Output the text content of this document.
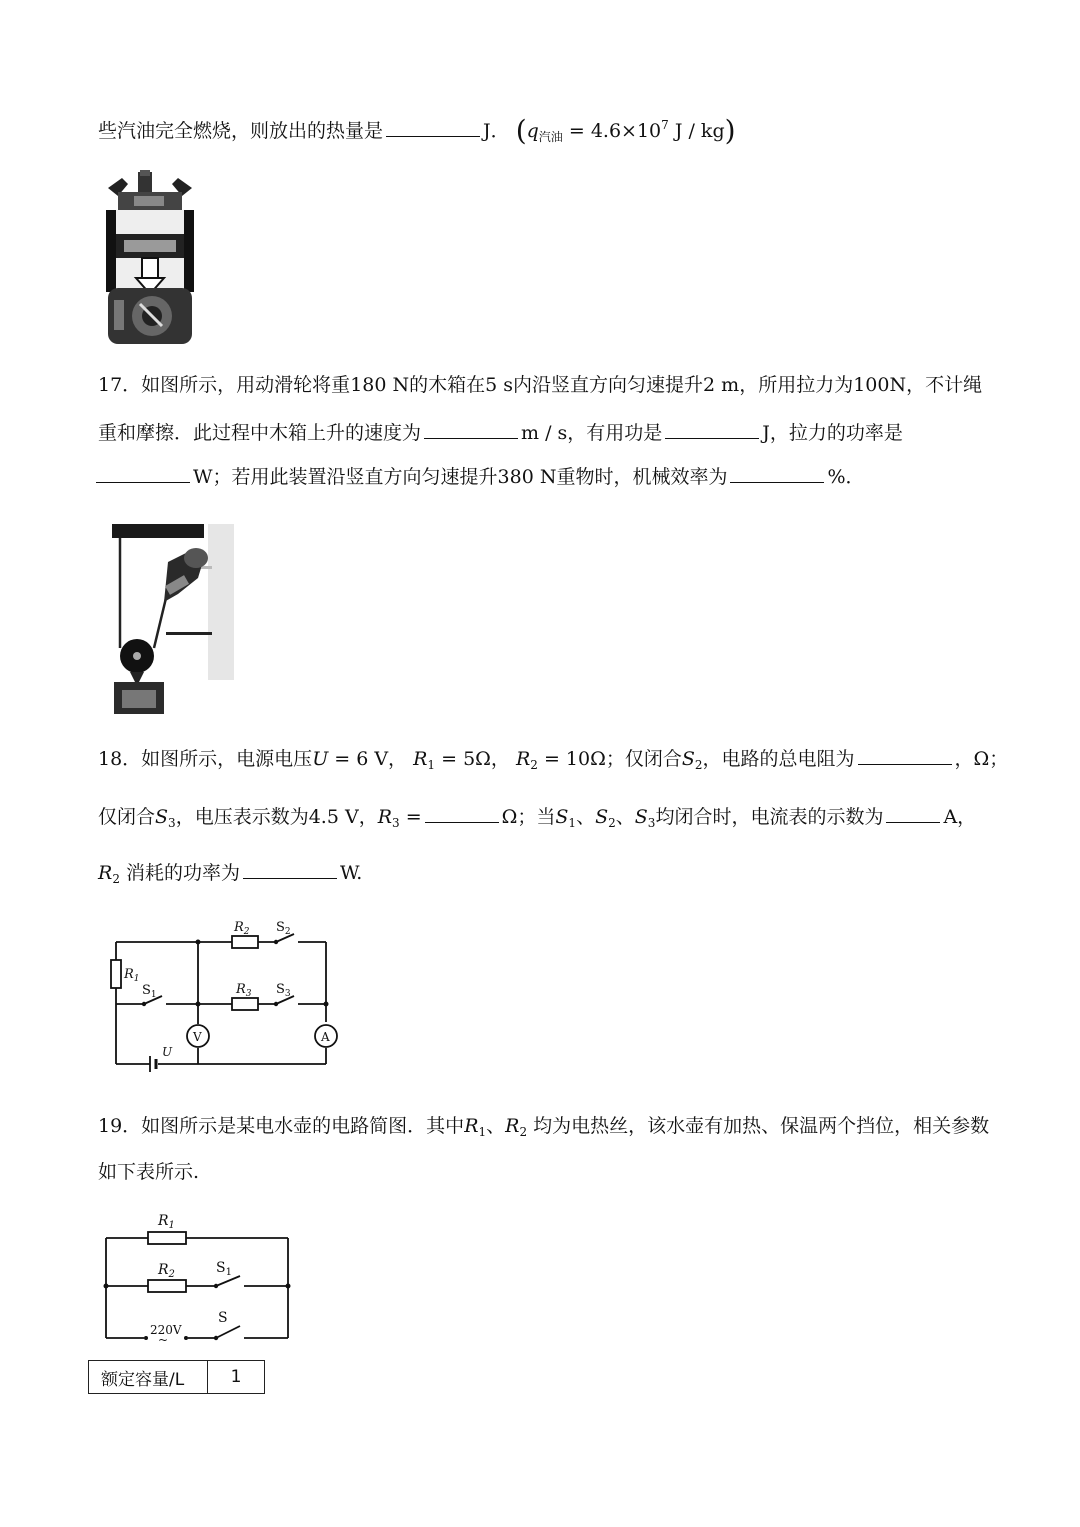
些汽油完全燃烧，则放出的热量是	J． ($q_{汽油} = 4.6\times 10^7$ J / kg)
17．如图所示，用动滑轮将重180 N的木箱在5 s内沿竖直方向匀速提升2 m，所用拉力为100N，不计绳
重和摩擦．此过程中木箱上升的速度为	m / s，有用功是	J，拉力的功率是
W；若用此装置沿竖直方向匀速提升380 N重物时，机械效率为	%．
18．如图所示，电源电压U = 6 V， $R_1 = 5\Omega$， $R_2 = 10\Omega$；仅闭合$S_2$，电路的总电阻为	，Ω；
仅闭合$S_3$，电压表示数为4.5 V，$R_3$ =	Ω；当$S_1$、$S_2$、$S_3$均闭合时，电流表的示数为	A，
$R_2$ 消耗的功率为	W.
$R_2$ $S_2$
$R_1$
$S_1$	$R_3$ $S_3$
V	A
U
19．如图所示是某电水壶的电路简图．其中$R_1$、$R_2$ 均为电热丝，该水壶有加热、保温两个挡位，相关参数
如下表所示.
$R_1$
$R_2$	$S_1$
S
220V
~
额定容量/L	1
